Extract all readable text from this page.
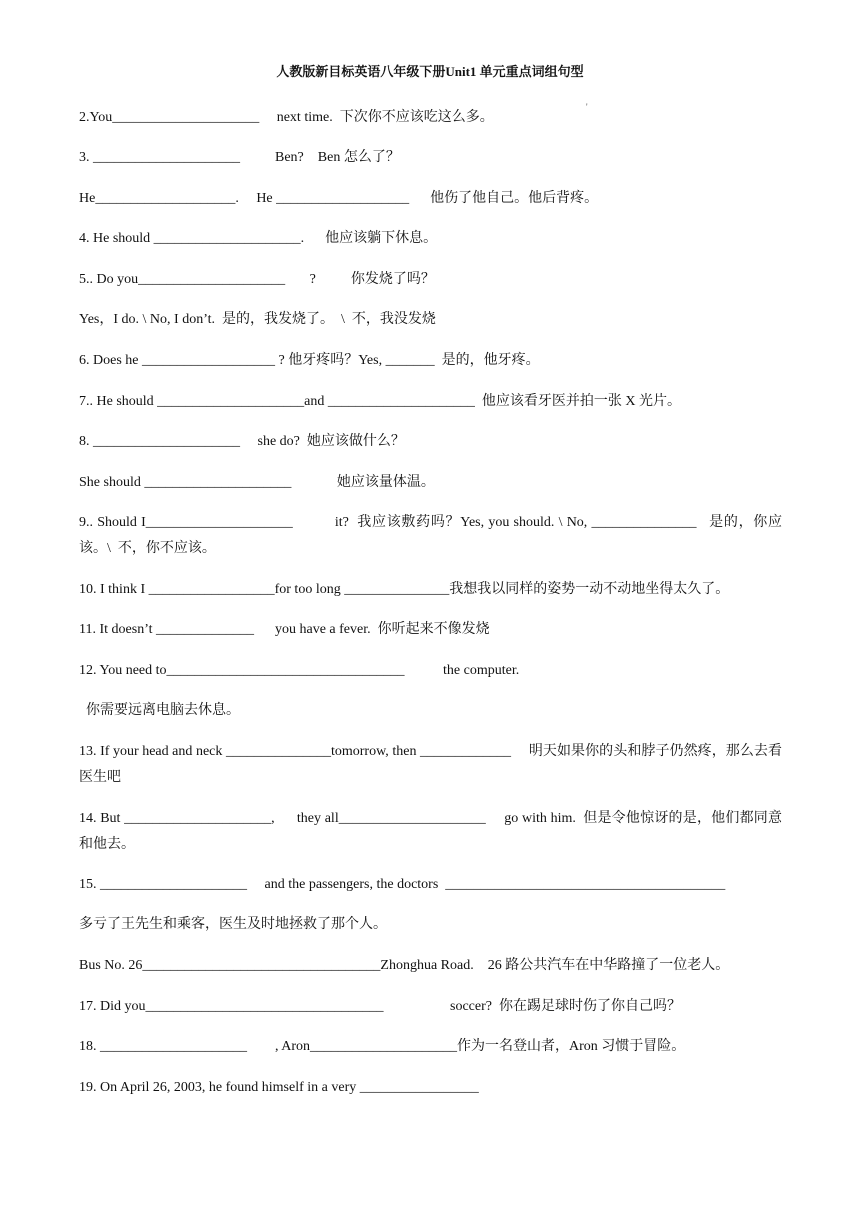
人教版新目标英语八年级下册Unit1 单元重点词组句型
'
2.You_____________________     next time.  下次你不应该吃这么多。
3. _____________________          Ben?    Ben 怎么了？
He____________________.     He ___________________      他伤了他自己。他后背疼。
4. He should _____________________.      他应该躺下休息。
5.. Do you_____________________       ?          你发烧了吗？
Yes，I do. \ No, I don’t.  是的，我发烧了。  \  不，我没发烧
6. Does he ___________________ ? 他牙疼吗？Yes, _______  是的，他牙疼。
7.. He should _____________________and _____________________  他应该看牙医并拍一张 X 光片。
8. _____________________     she do?  她应该做什么？
She should _____________________             她应该量体温。
9.. Should I_____________________          it?  我应该敷药吗？Yes, you should. \ No, _______________   是的，你应该。\  不，你不应该。
10. I think I __________________for too long _______________我想我以同样的姿势一动不动地坐得太久了。
11. It doesn’t ______________      you have a fever.  你听起来不像发烧
12. You need to__________________________________           the computer.
你需要远离电脑去休息。
13. If your head and neck _______________tomorrow, then _____________     明天如果你的头和脖子仍然疼，那么去看医生吧
14. But _____________________,      they all_____________________     go with him.  但是令他惊讶的是，他们都同意和他去。
15. _____________________     and the passengers, the doctors  ________________________________________
多亏了王先生和乘客，医生及时地拯救了那个人。
Bus No. 26__________________________________Zhonghua Road.    26 路公共汽车在中华路撞了一位老人。
17. Did you__________________________________                   soccer?  你在踢足球时伤了你自己吗？
18. _____________________        , Aron_____________________作为一名登山者，Aron 习惯于冒险。
19. On April 26, 2003, he found himself in a very _________________
